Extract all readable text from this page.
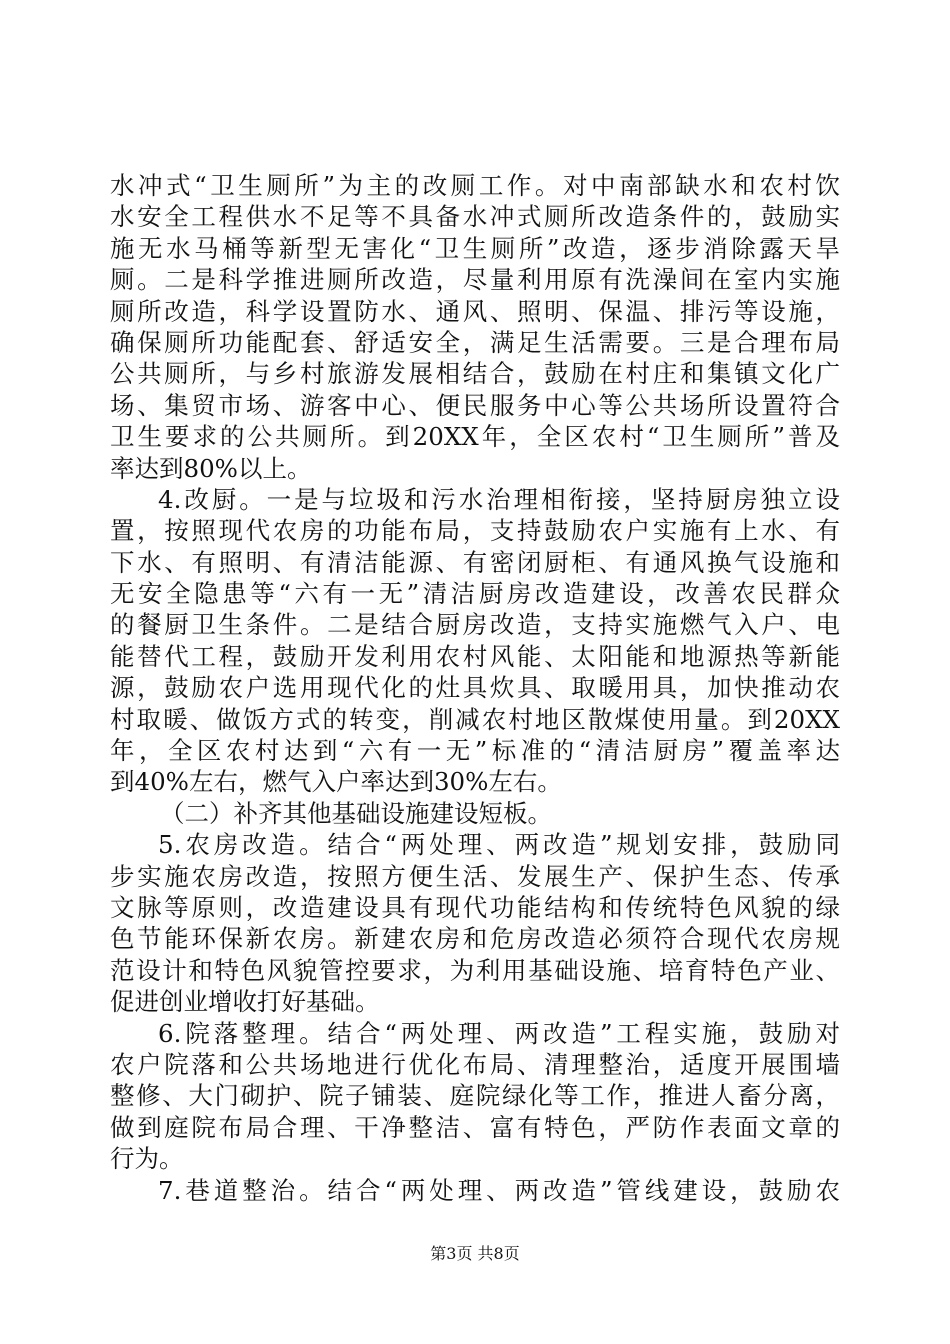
水冲式“卫生厕所”为主的改厕工作。对中南部缺水和农村饮
水安全工程供水不足等不具备水冲式厕所改造条件的，鼓励实
施无水马桶等新型无害化“卫生厕所”改造，逐步消除露天旱
厕。二是科学推进厕所改造，尽量利用原有洗澡间在室内实施
厕所改造，科学设置防水、通风、照明、保温、排污等设施，
确保厕所功能配套、舒适安全，满足生活需要。三是合理布局
公共厕所，与乡村旅游发展相结合，鼓励在村庄和集镇文化广
场、集贸市场、游客中心、便民服务中心等公共场所设置符合
卫生要求的公共厕所。到20XX年，全区农村“卫生厕所”普及
率达到80%以上。
4.改厨。一是与垃圾和污水治理相衔接，坚持厨房独立设
置，按照现代农房的功能布局，支持鼓励农户实施有上水、有
下水、有照明、有清洁能源、有密闭厨柜、有通风换气设施和
无安全隐患等“六有一无”清洁厨房改造建设，改善农民群众
的餐厨卫生条件。二是结合厨房改造，支持实施燃气入户、电
能替代工程，鼓励开发利用农村风能、太阳能和地源热等新能
源，鼓励农户选用现代化的灶具炊具、取暖用具，加快推动农
村取暖、做饭方式的转变，削减农村地区散煤使用量。到20XX
年，全区农村达到“六有一无”标准的“清洁厨房”覆盖率达
到40%左右，燃气入户率达到30%左右。
（二）补齐其他基础设施建设短板。
5.农房改造。结合“两处理、两改造”规划安排，鼓励同
步实施农房改造，按照方便生活、发展生产、保护生态、传承
文脉等原则，改造建设具有现代功能结构和传统特色风貌的绿
色节能环保新农房。新建农房和危房改造必须符合现代农房规
范设计和特色风貌管控要求，为利用基础设施、培育特色产业、
促进创业增收打好基础。
6.院落整理。结合“两处理、两改造”工程实施，鼓励对
农户院落和公共场地进行优化布局、清理整治，适度开展围墙
整修、大门砌护、院子铺装、庭院绿化等工作，推进人畜分离，
做到庭院布局合理、干净整洁、富有特色，严防作表面文章的
行为。
7.巷道整治。结合“两处理、两改造”管线建设，鼓励农
第3页 共8页
